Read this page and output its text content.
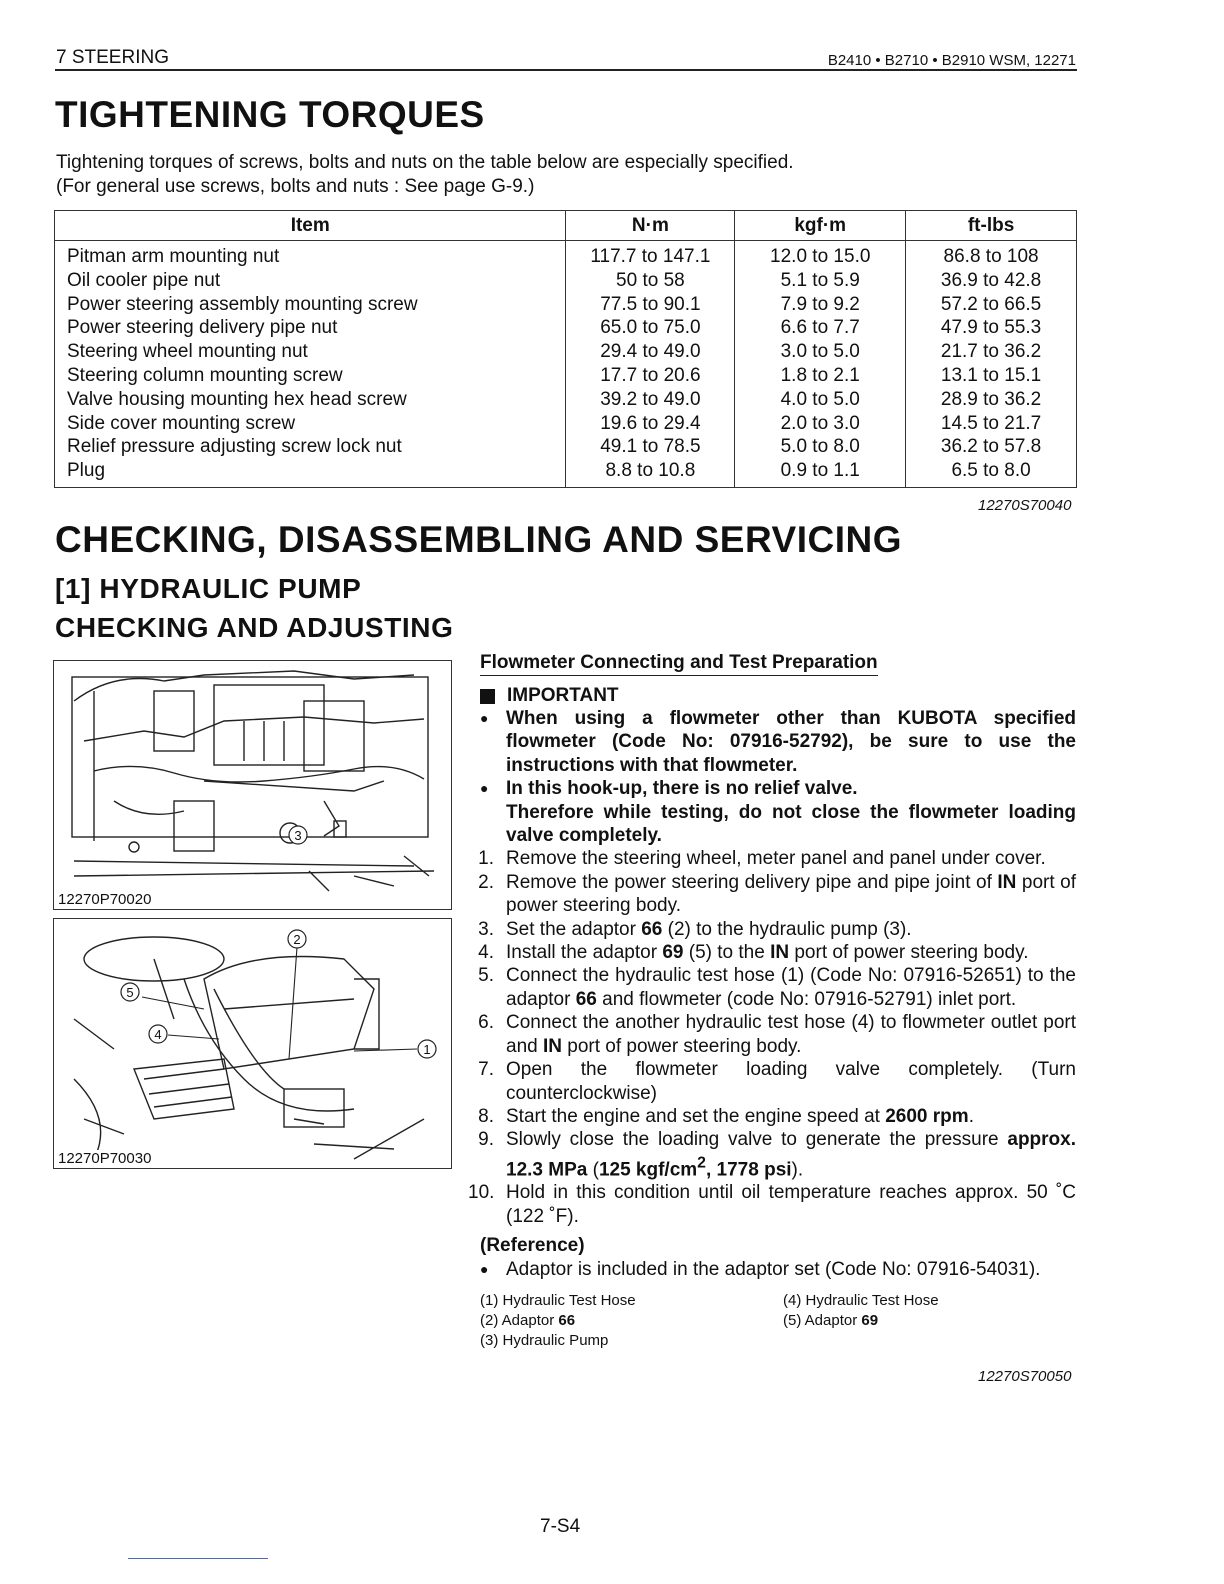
7 STEERING	B2410 • B2710 • B2910 WSM, 12271
TIGHTENING TORQUES
Tightening torques of screws, bolts and nuts on the table below are especially specified.
(For general use screws, bolts and nuts : See page G-9.)
Item	N·m	kgf·m	ft-lbs
Pitman arm mounting nut	117.7 to 147.1	12.0 to 15.0	86.8 to 108
Oil cooler pipe nut	50 to 58	5.1 to 5.9	36.9 to 42.8
Power steering assembly mounting screw	77.5 to 90.1	7.9 to 9.2	57.2 to 66.5
Power steering delivery pipe nut	65.0 to 75.0	6.6 to 7.7	47.9 to 55.3
Steering wheel mounting nut	29.4 to 49.0	3.0 to 5.0	21.7 to 36.2
Steering column mounting screw	17.7 to 20.6	1.8 to 2.1	13.1 to 15.1
Valve housing mounting hex head screw	39.2 to 49.0	4.0 to 5.0	28.9 to 36.2
Side cover mounting screw	19.6 to 29.4	2.0 to 3.0	14.5 to 21.7
Relief pressure adjusting screw lock nut	49.1 to 78.5	5.0 to 8.0	36.2 to 57.8
Plug	8.8 to 10.8	0.9 to 1.1	6.5 to 8.0
12270S70040
CHECKING, DISASSEMBLING AND SERVICING
[1] HYDRAULIC PUMP
CHECKING AND ADJUSTING
3
12270P70020
2
5
4
1
12270P70030
Flowmeter Connecting and Test Preparation
IMPORTANT
● When using a flowmeter other than KUBOTA specified flowmeter (Code No: 07916-52792), be sure to use the instructions with that flowmeter.
● In this hook-up, there is no relief valve.
Therefore while testing, do not close the flowmeter loading valve completely.
1. Remove the steering wheel, meter panel and panel under cover.
2. Remove the power steering delivery pipe and pipe joint of IN port of power steering body.
3. Set the adaptor 66 (2) to the hydraulic pump (3).
4. Install the adaptor 69 (5) to the IN port of power steering body.
5. Connect the hydraulic test hose (1) (Code No: 07916-52651) to the adaptor 66 and flowmeter (code No: 07916-52791) inlet port.
6. Connect the another hydraulic test hose (4) to flowmeter outlet port and IN port of power steering body.
7. Open the flowmeter loading valve completely. (Turn counterclockwise)
8. Start the engine and set the engine speed at 2600 rpm.
9. Slowly close the loading valve to generate the pressure approx. 12.3 MPa (125 kgf/$cm^2$, 1778 psi).
10. Hold in this condition until oil temperature reaches approx. 50 ˚C (122 ˚F).
(Reference)
● Adaptor is included in the adaptor set (Code No: 07916-54031).
(1) Hydraulic Test Hose	(4) Hydraulic Test Hose
(2) Adaptor 66	(5) Adaptor 69
(3) Hydraulic Pump
12270S70050
7-S4
